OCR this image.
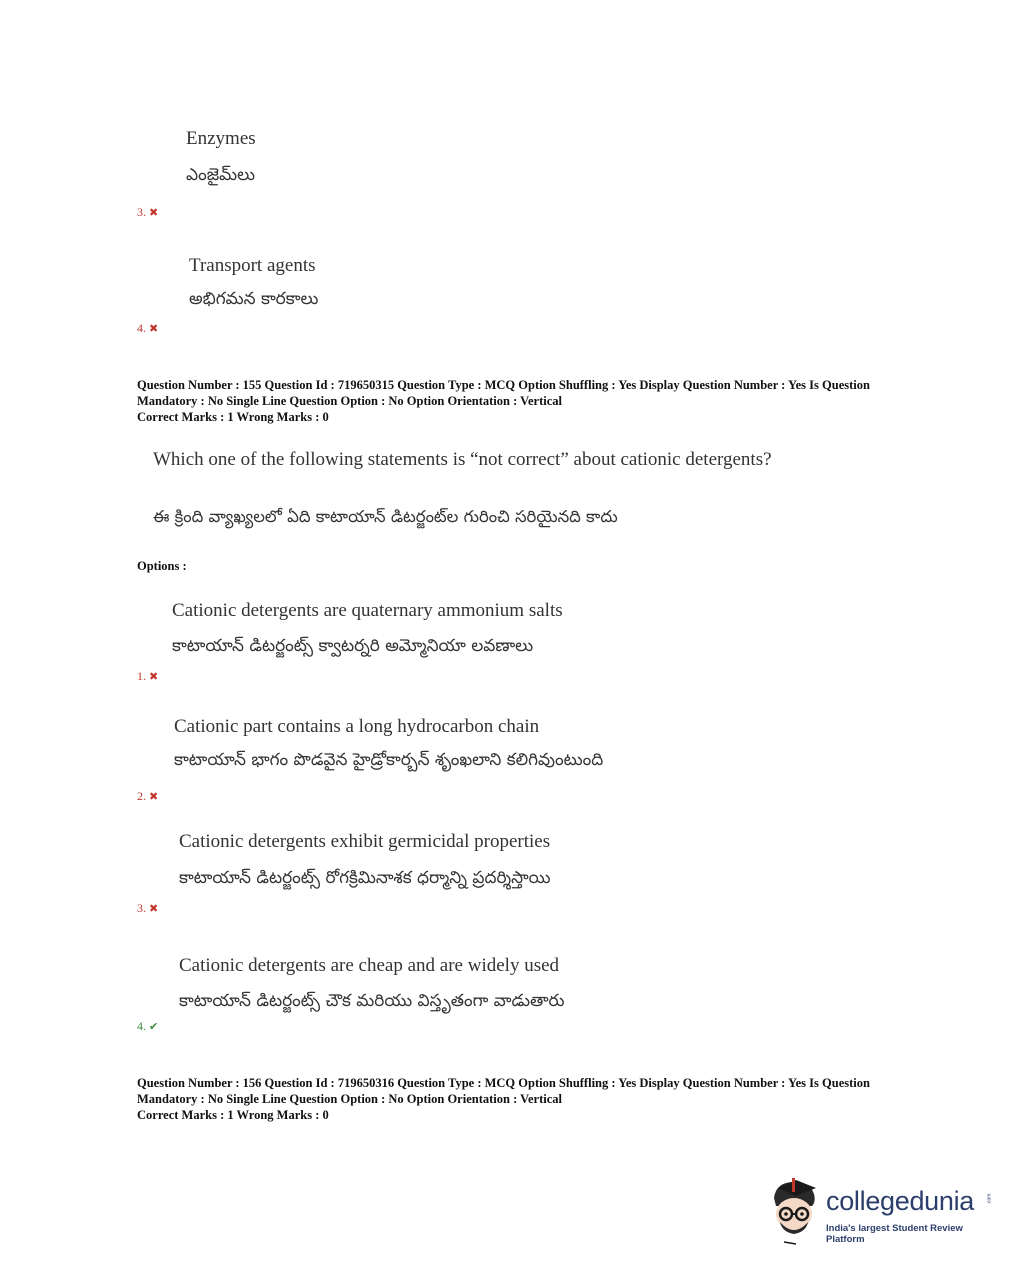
Enzymes
ఎంజైమ్‌లు
3. ✖
Transport agents
అభిగమన కారకాలు
4. ✖
Question Number : 155 Question Id : 719650315 Question Type : MCQ Option Shuffling : Yes Display Question Number : Yes Is Question
Mandatory : No Single Line Question Option : No Option Orientation : Vertical
Correct Marks : 1 Wrong Marks : 0
Which one of the following statements is “not correct” about cationic detergents?
ఈ క్రింది వ్యాఖ్యలలో ఏది కాటాయాన్ డిటర్జంట్‌ల గురించి సరియైనది కాదు
Options :
Cationic detergents are quaternary ammonium salts
కాటాయాన్ డిటర్జంట్స్ క్వాటర్నరి అమ్మోనియా లవణాలు
1. ✖
Cationic part contains a long hydrocarbon chain
కాటాయాన్ భాగం పొడవైన హైడ్రోకార్బన్ శృంఖలాని కలిగివుంటుంది
2. ✖
Cationic detergents exhibit germicidal properties
కాటాయాన్ డిటర్జంట్స్ రోగక్రిమినాశక ధర్మాన్ని ప్రదర్శిస్తాయి
3. ✖
Cationic detergents are cheap and are widely used
కాటాయాన్ డిటర్జంట్స్ చౌక మరియు విస్తృతంగా వాడుతారు
4. ✔
Question Number : 156 Question Id : 719650316 Question Type : MCQ Option Shuffling : Yes Display Question Number : Yes Is Question
Mandatory : No Single Line Question Option : No Option Orientation : Vertical
Correct Marks : 1 Wrong Marks : 0
collegedunia .com
India's largest Student Review Platform
